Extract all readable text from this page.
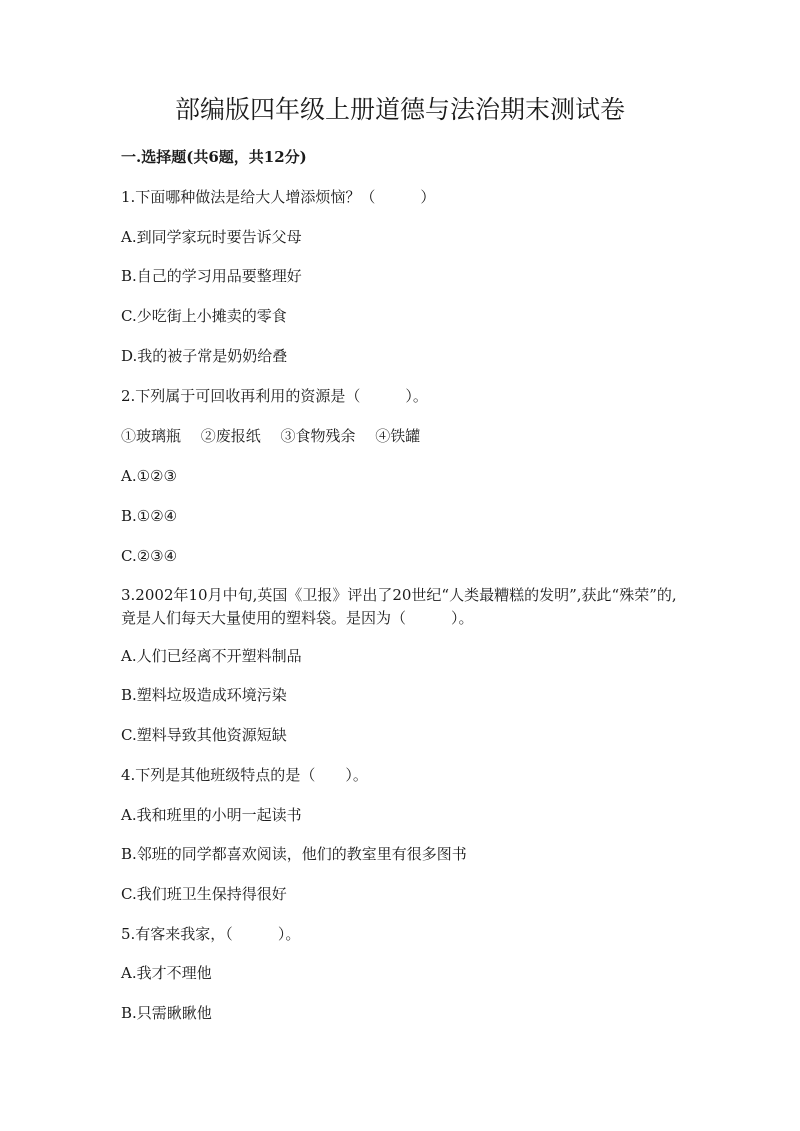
部编版四年级上册道德与法治期末测试卷

一.选择题(共6题，共12分)

1.下面哪种做法是给大人增添烦恼？（　　　）

A.到同学家玩时要告诉父母

B.自己的学习用品要整理好

C.少吃街上小摊卖的零食

D.我的被子常是奶奶给叠

2.下列属于可回收再利用的资源是（　　　）。

①玻璃瓶　 ②废报纸　 ③食物残余　 ④铁罐

A.①②③

B.①②④

C.②③④

3.2002年10月中旬,英国《卫报》评出了20世纪“人类最糟糕的发明”,获此“殊荣”的,竟是人们每天大量使用的塑料袋。是因为（　　　）。

A.人们已经离不开塑料制品

B.塑料垃圾造成环境污染

C.塑料导致其他资源短缺

4.下列是其他班级特点的是（　　）。

A.我和班里的小明一起读书

B.邻班的同学都喜欢阅读，他们的教室里有很多图书

C.我们班卫生保持得很好

5.有客来我家，（　　　）。

A.我才不理他

B.只需瞅瞅他
